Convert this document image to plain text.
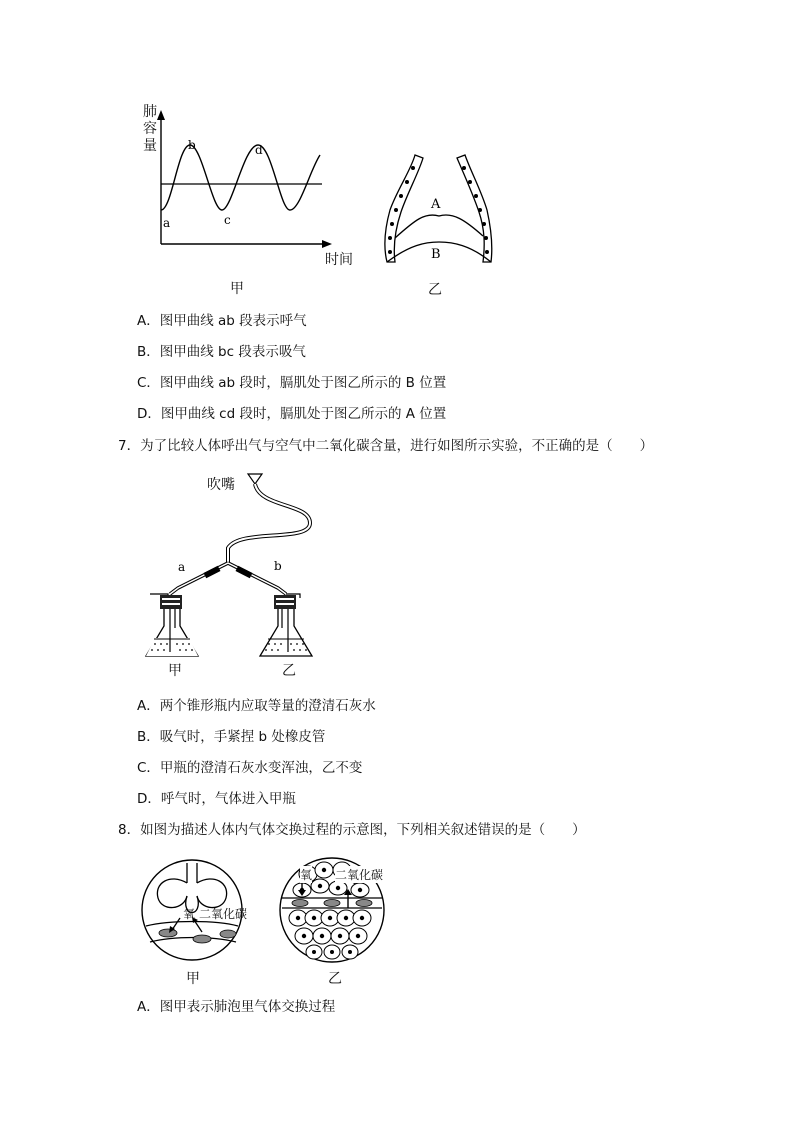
a
b
c
d
肺
容
量
时间
甲
A
B
乙
A．图甲曲线 ab 段表示呼气
B．图甲曲线 bc 段表示吸气
C．图甲曲线 ab 段时，膈肌处于图乙所示的 B 位置
D．图甲曲线 cd 段时，膈肌处于图乙所示的 A 位置
7．为了比较人体呼出气与空气中二氧化碳含量，进行如图所示实验，不正确的是（　　）
a	b
吹嘴
甲	乙
A．两个锥形瓶内应取等量的澄清石灰水
B．吸气时，手紧捏 b 处橡皮管
C．甲瓶的澄清石灰水变浑浊，乙不变
D．呼气时，气体进入甲瓶
8．如图为描述人体内气体交换过程的示意图，下列相关叙述错误的是（　　）
氧 二氧化碳
甲
氧 二氧化碳
乙
A．图甲表示肺泡里气体交换过程
